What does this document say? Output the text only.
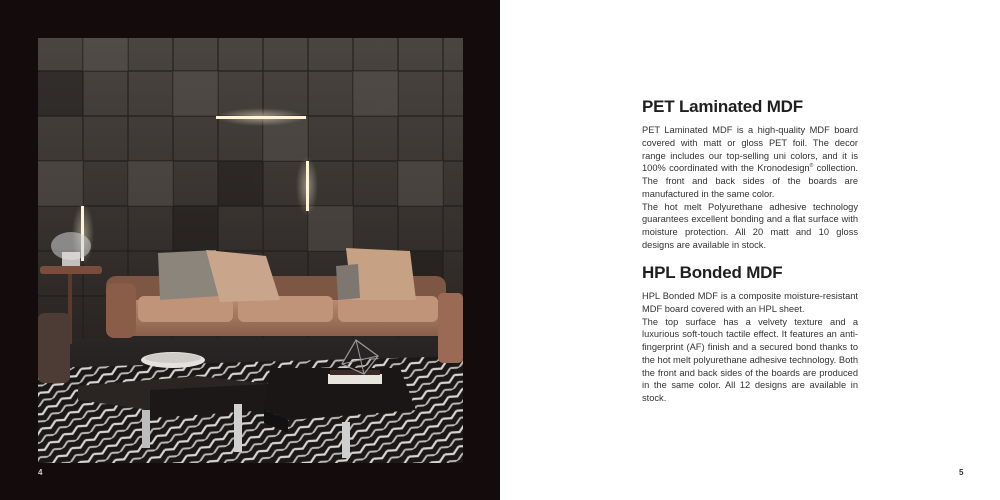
4
PET Laminated MDF

PET Laminated MDF is a high-quality MDF board covered with matt or gloss PET foil. The decor range includes our top-selling uni colors, and it is 100% coordinated with the Kronodesign® collection. The front and back sides of the boards are manufactured in the same color.

The hot melt Polyurethane adhesive technology guarantees excellent bonding and a flat surface with moisture protection. All 20 matt and 10 gloss designs are available in stock.

HPL Bonded MDF

HPL Bonded MDF is a composite moisture-resistant MDF board covered with an HPL sheet.

The top surface has a velvety texture and a luxurious soft-touch tactile effect. It features an anti-fingerprint (AF) finish and a secured bond thanks to the hot melt polyurethane adhesive technology. Both the front and back sides of the boards are produced in the same color. All 12 designs are available in stock.

5
